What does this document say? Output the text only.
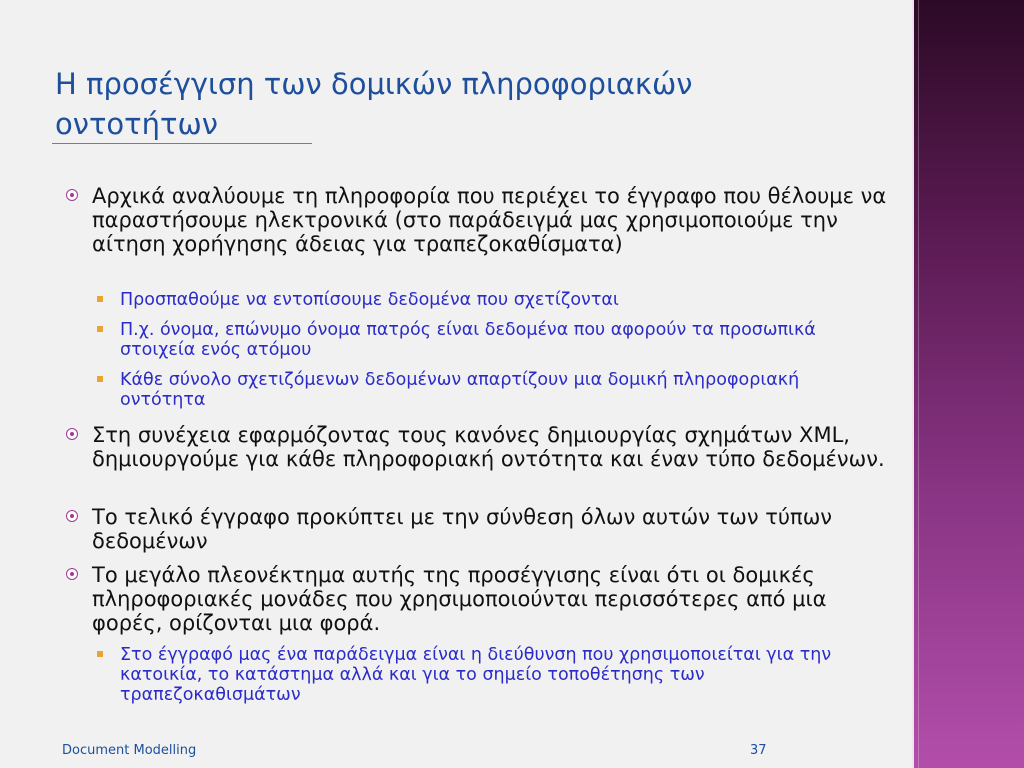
Η προσέγγιση των δομικών πληροφοριακών
οντοτήτων

Αρχικά αναλύουμε τη πληροφορία που περιέχει το έγγραφο που θέλουμε να παραστήσουμε ηλεκτρονικά (στο παράδειγμά μας χρησιμοποιούμε την αίτηση χορήγησης άδειας για τραπεζοκαθίσματα)

Προσπαθούμε να εντοπίσουμε δεδομένα που σχετίζονται

Π.χ. όνομα, επώνυμο όνομα πατρός είναι δεδομένα που αφορούν τα προσωπικά στοιχεία ενός ατόμου

Κάθε σύνολο σχετιζόμενων δεδομένων απαρτίζουν μια δομική πληροφοριακή οντότητα

Στη συνέχεια εφαρμόζοντας τους κανόνες δημιουργίας σχημάτων XML, δημιουργούμε για κάθε πληροφοριακή οντότητα και έναν τύπο δεδομένων.

Το τελικό έγγραφο προκύπτει με την σύνθεση όλων αυτών των τύπων δεδομένων

Το μεγάλο πλεονέκτημα αυτής της προσέγγισης είναι ότι οι δομικές πληροφοριακές μονάδες που χρησιμοποιούνται περισσότερες από μια φορές, ορίζονται μια φορά.

Στο έγγραφό μας ένα παράδειγμα είναι η διεύθυνση που χρησιμοποιείται για την κατοικία, το κατάστημα αλλά και για το σημείο τοποθέτησης των τραπεζοκαθισμάτων

Document Modelling	37
